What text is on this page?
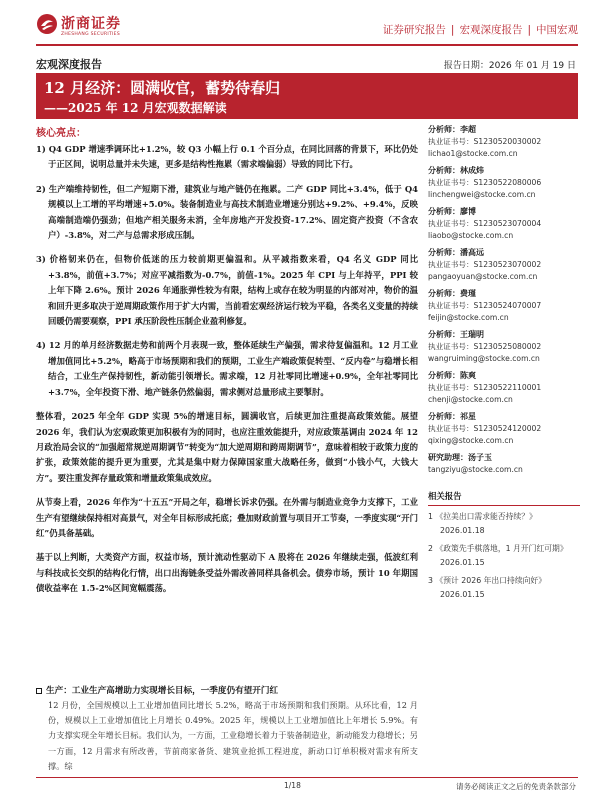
浙商证券
ZHESHANG SECURITIES	证券研究报告 | 宏观深度报告 | 中国宏观
宏观深度报告	报告日期：2026 年 01 月 19 日
12 月经济：圆满收官，蓄势待春归
——2025 年 12 月宏观数据解读
核心亮点：
1) Q4 GDP 增速季调环比+1.2%，较 Q3 小幅上行 0.1 个百分点，在同比回落的背景下，环比仍处于正区间，说明总量并未失速，更多是结构性拖累（需求端偏弱）导致的同比下行。
2) 生产端维持韧性，但二产短期下滑，建筑业与地产链仍在拖累。二产 GDP 同比+3.4%，低于 Q4 规模以上工增的平均增速+5.0%。装备制造业与高技术制造业增速分别达+9.2%、+9.4%，反映高端制造端仍强劲；但地产相关服务未消，全年房地产开发投资-17.2%、固定资产投资（不含农户）-3.8%，对二产与总需求形成压制。
3) 价格韧来仍在，但物价低迷的压力较前期更偏温和。从平减指数来看，Q4 名义 GDP 同比+3.8%，前值+3.7%；对应平减指数为-0.7%，前值-1%。2025 年 CPI 与上年持平，PPI 较上年下降 2.6%。预计 2026 年通胀弹性较为有限，结构上或存在较为明显的内部对冲，物价的温和回升更多取决于逆周期政策作用于扩大内需，当前看宏观经济运行较为平稳，各类名义变量的持续回暖仍需要观察，PPI 承压阶段性压制企业盈利修复。
4) 12 月的单月经济数据走势和前两个月表现一致，整体延续生产偏强，需求待复偏温和。12 月工业增加值同比+5.2%，略高于市场预期和我们的预期，工业生产端政策促转型、“反内卷”与稳增长相结合，工业生产保持韧性，新动能引领增长。需求端，12 月社零同比增速+0.9%，全年社零同比+3.7%，全年投资下滑、地产链条仍然偏弱，需求侧对总量形成主要掣肘。
整体看，2025 年全年 GDP 实现 5%的增速目标，圆满收官，后续更加注重提高政策效能。展望 2026 年，我们认为宏观政策更加积极有为的同时，也应注重效能提升，对应政策基调由 2024 年 12 月政治局会议的“加强超常规逆周期调节”转变为“加大逆周期和跨周期调节”，意味着相较于政策力度的扩张，政策效能的提升更为重要，尤其是集中财力保障国家重大战略任务，做到“小钱小气，大钱大方”。要注重发挥存量政策和增量政策集成效应。
从节奏上看，2026 年作为“十五五”开局之年，稳增长诉求仍强。在外需与制造业竞争力支撑下，工业生产有望继续保持相对高景气，对全年目标形成托底；叠加财政前置与项目开工节奏，一季度实现“开门红”仍具备基础。
基于以上判断，大类资产方面，权益市场，预计流动性驱动下 A 股将在 2026 年继续走强，低波红利与科技成长交织的结构化行情，出口出海链条受益外需改善同样具备机会。债券市场，预计 10 年期国债收益率在 1.5-2%区间宽幅震荡。
生产：工业生产高增助力实现增长目标，一季度仍有望开门红
12 月份，全国规模以上工业增加值同比增长 5.2%，略高于市场预期和我们预期。从环比看，12 月份，规模以上工业增加值比上月增长 0.49%。2025 年，规模以上工业增加值比上年增长 5.9%。有力支撑实现全年增长目标。我们认为，一方面，工业稳增长着力于装备制造业，新动能发力稳增长；另一方面，12 月需求有所改善，节前商家备货、建筑业抢抓工程进度，新动口订单积极对需求有所支撑。综
分析师：李超
执业证书号：S1230520030002
lichao1@stocke.com.cn
分析师：林成炜
执业证书号：S1230522080006
linchengwei@stocke.com.cn
分析师：廖博
执业证书号：S1230523070004
liaobo@stocke.com.cn
分析师：潘高远
执业证书号：S1230523070002
pangaoyuan@stocke.com.cn
分析师：费瑾
执业证书号：S1230524070007
feijin@stocke.com.cn
分析师：王瑞明
执业证书号：S1230525080002
wangruiming@stocke.com.cn
分析师：陈爽
执业证书号：S1230522110001
chenji@stocke.com.cn
分析师：祁星
执业证书号：S1230524120002
qixing@stocke.com.cn
研究助理：汤子玉
tangziyu@stocke.com.cn
相关报告
1 《拉美出口需求能否持续？》 2026.01.18
2 《政策先手棋落地，1 月开门红可期》 2026.01.15
3 《预计 2026 年出口持续向好》 2026.01.15
1/18	请务必阅读正文之后的免责条款部分
